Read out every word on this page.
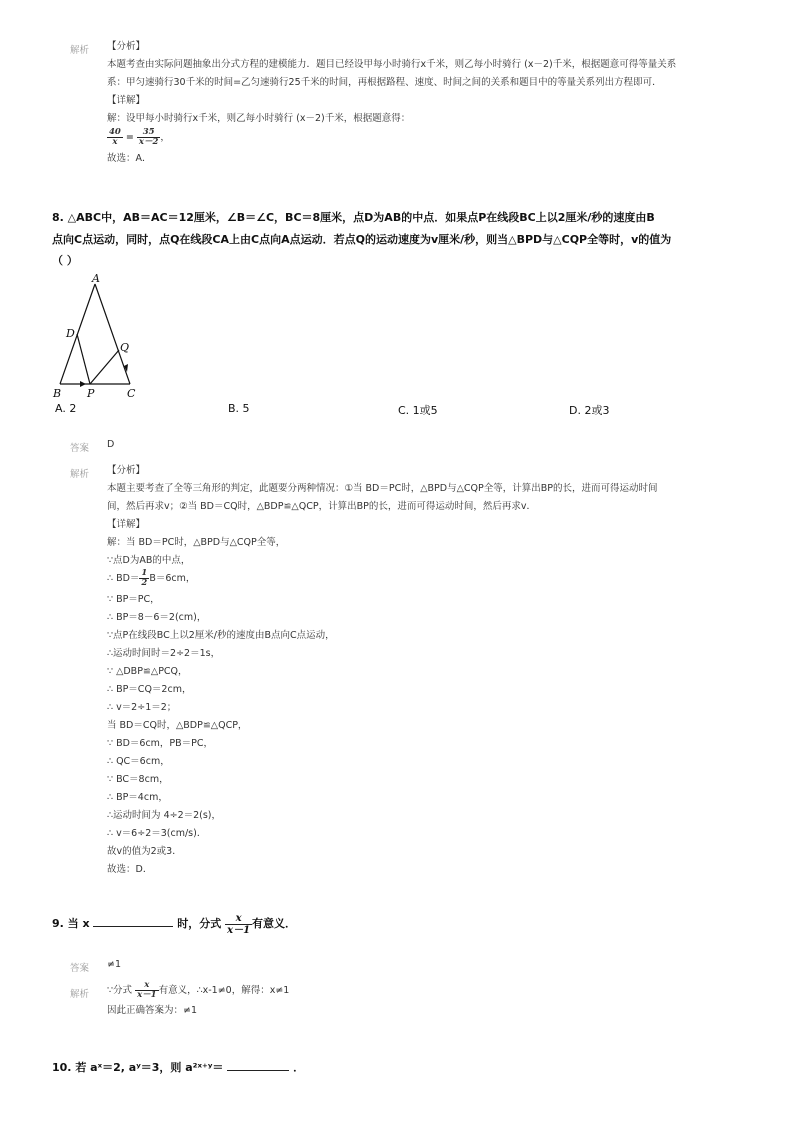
解析 【分析】
本题考查由实际问题抽象出分式方程的建模能力．题目已经设甲每小时骑行x千米，则乙每小时骑行 (x－2)千米，根据题意可得等量关系
系：甲匀速骑行30千米的时间=乙匀速骑行25千米的时间，再根据路程、速度、时间之间的关系和题目中的等量关系列出方程即可．
【详解】
解：设甲每小时骑行x千米，则乙每小时骑行 (x－2)千米，根据题意得：
$\frac{40}{x} = \frac{35}{x-2}$ ，
故选：A．
8. △ABC中，AB＝AC＝12厘米，∠B＝∠C，BC＝8厘米，点D为AB的中点．如果点P在线段BC上以2厘米/秒的速度由B
点向C点运动，同时，点Q在线段CA上由C点向A点运动．若点Q的运动速度为v厘米/秒，则当△BPD与△CQP全等时，v的值为
（ ）
A
D
Q
B P	C
A. 2	B. 5	C. 1或5	D. 2或3
答案 D
解析 【分析】
本题主要考查了全等三角形的判定，此题要分两种情况：①当 BD＝PC时，△BPD与△CQP全等，计算出BP的长，进而可得运动时间
间，然后再求v；②当 BD＝CQ时，△BDP≌△QCP，计算出BP的长，进而可得运动时间，然后再求v．
【详解】
解：当 BD＝PC时，△BPD与△CQP全等，
∵点D为AB的中点，
∴ $BD= \frac{1}{2} B=6cm$，
∵ BP＝PC，
∴ BP＝8－6＝2(cm)，
∵点P在线段BC上以2厘米/秒的速度由B点向C点运动，
∴运动时间时＝2÷2＝1s，
∵ △DBP≌△PCQ，
∴ BP＝CQ＝2cm，
∴ v＝2÷1＝2；
当 BD＝CQ时，△BDP≌△QCP，
∵ BD＝6cm，PB＝PC，
∴ QC＝6cm，
∵ BC＝8cm，
∴ BP＝4cm，
∴运动时间为 4÷2＝2(s)，
∴ v＝6÷2＝3(cm/s)．
故v的值为2或3．
故选：D．
9. 当 x	时，分式 $\frac{x}{x-1}$ 有意义．
答案 ≠1
解析 ∵分式 $\frac{x}{x-1}$ 有意义，∴x-1≠0，解得：x≠1
因此正确答案为：≠1
10. 若 aˣ＝2, aʸ＝3，则 a²ˣ⁺ʸ＝	．
